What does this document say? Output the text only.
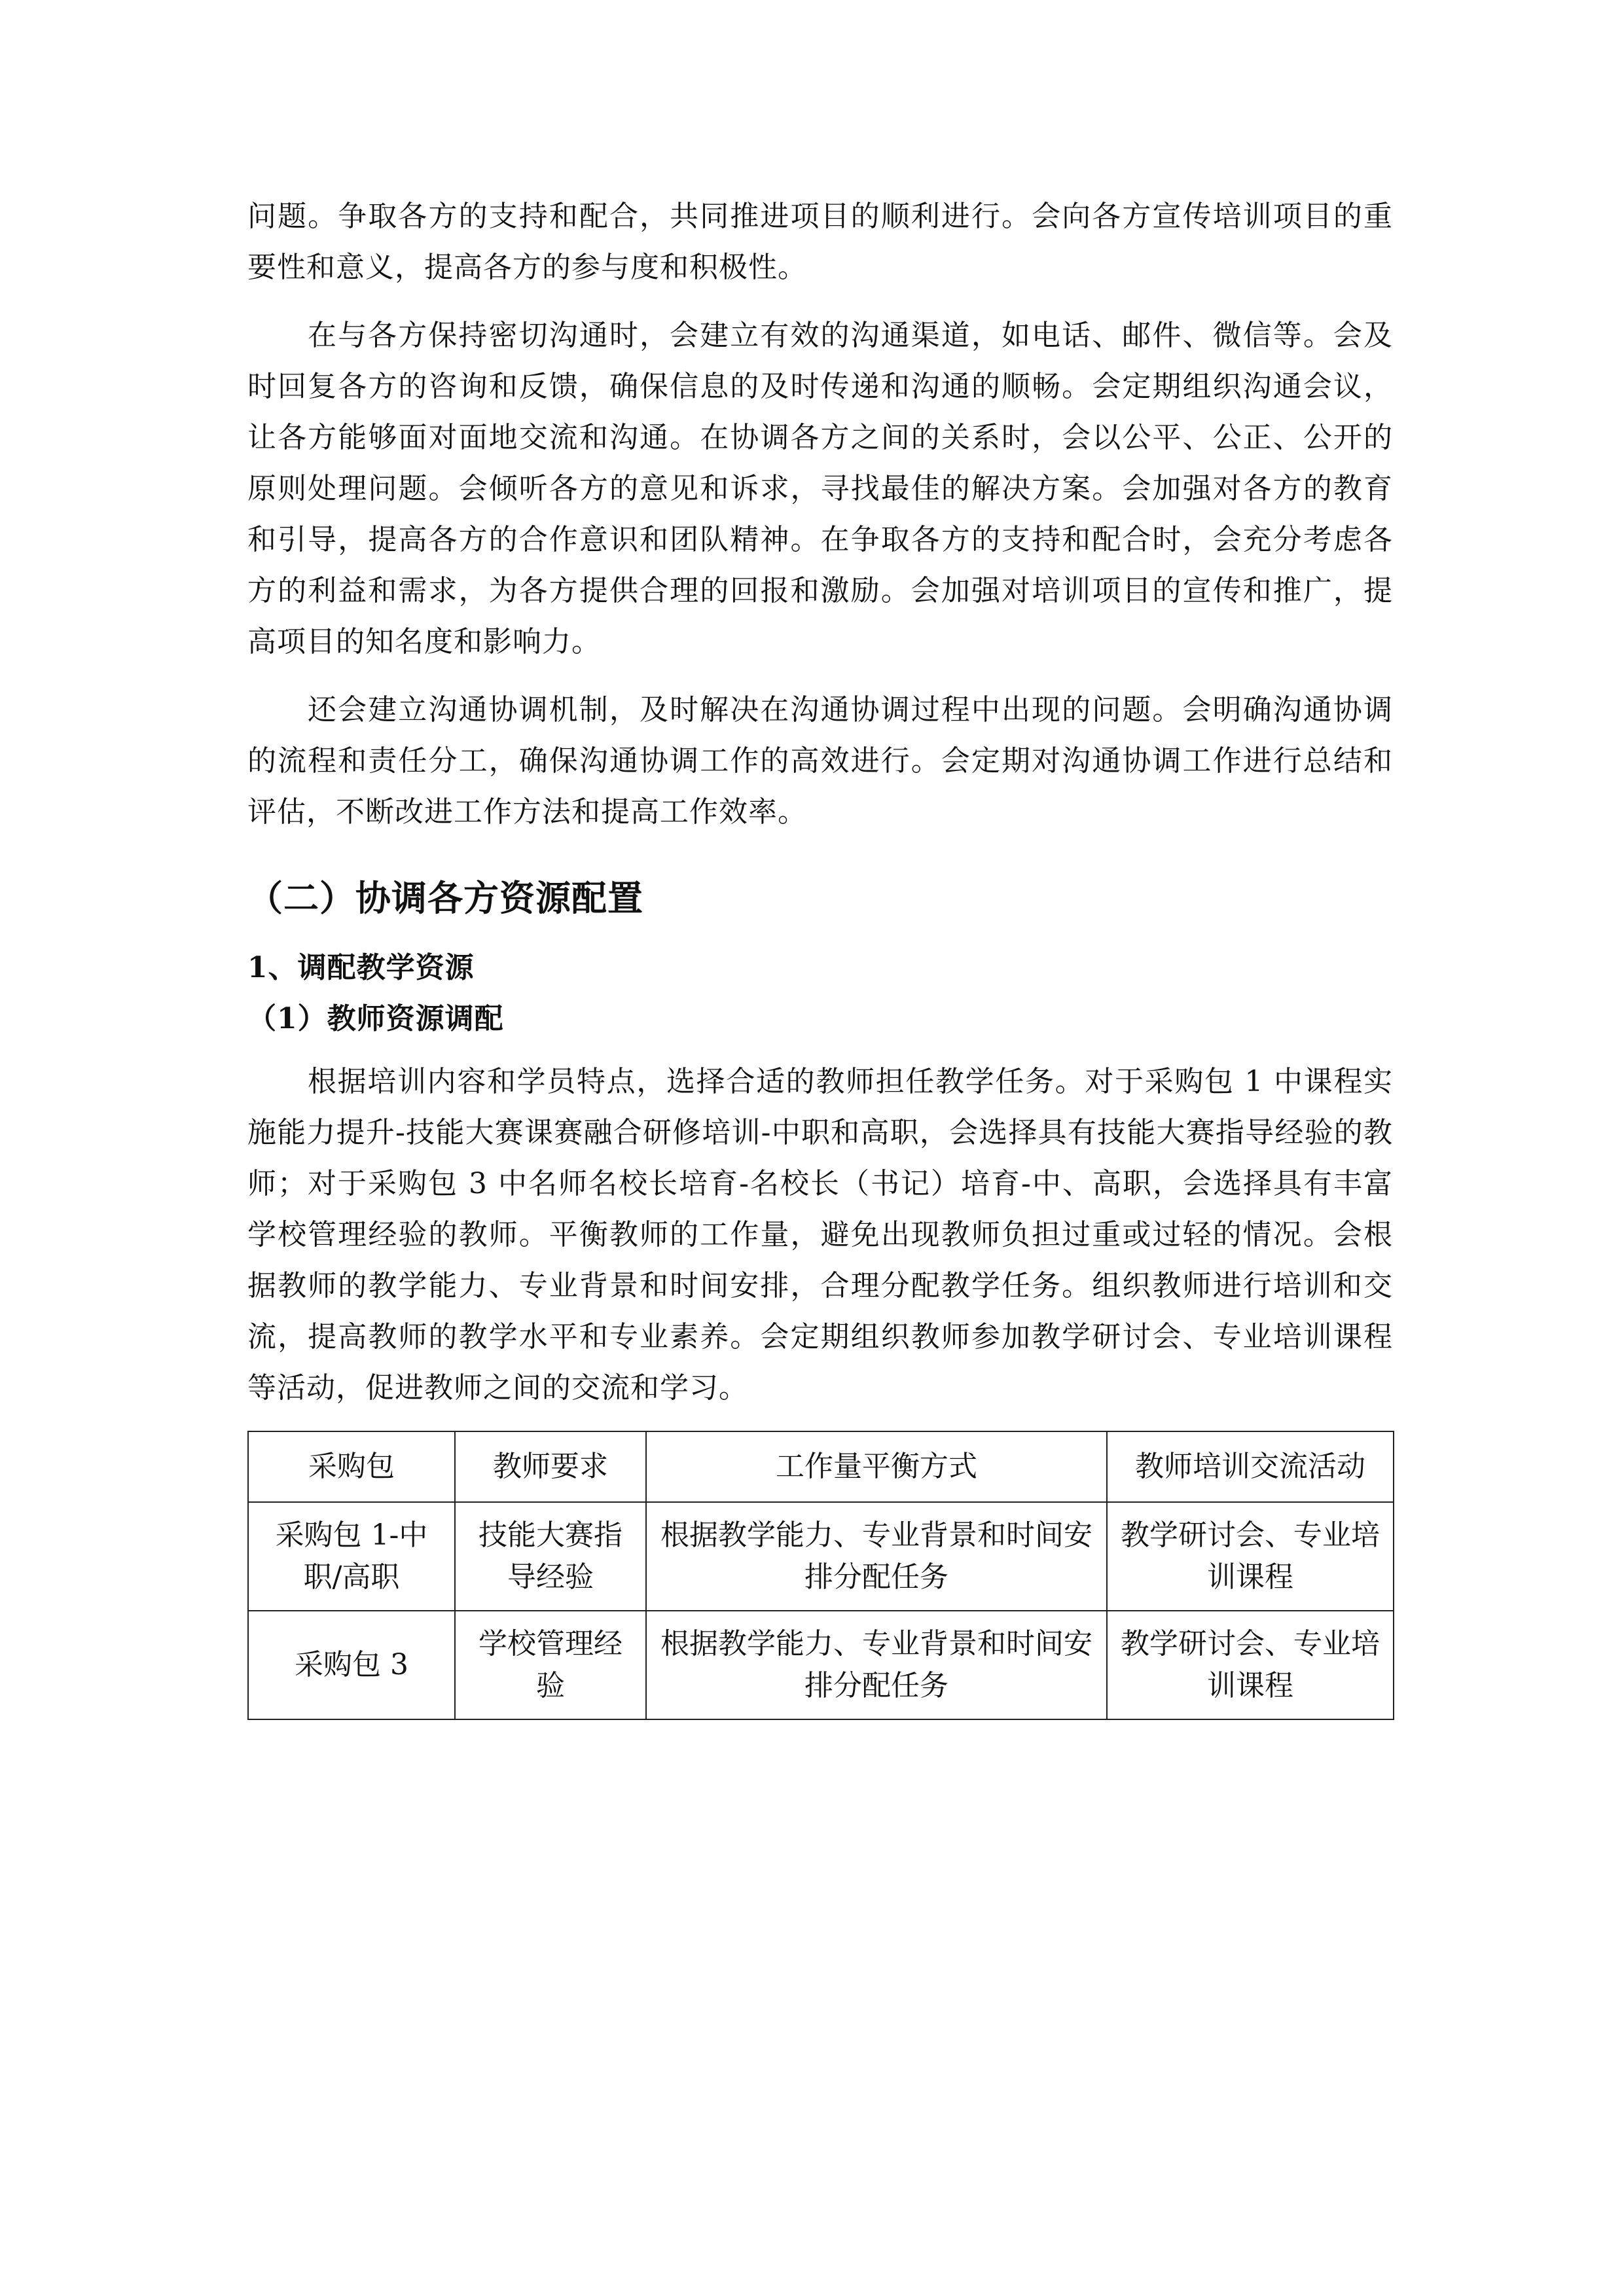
问题。争取各方的支持和配合，共同推进项目的顺利进行。会向各方宣传培训项目的重要性和意义，提高各方的参与度和积极性。

在与各方保持密切沟通时，会建立有效的沟通渠道，如电话、邮件、微信等。会及时回复各方的咨询和反馈，确保信息的及时传递和沟通的顺畅。会定期组织沟通会议，让各方能够面对面地交流和沟通。在协调各方之间的关系时，会以公平、公正、公开的原则处理问题。会倾听各方的意见和诉求，寻找最佳的解决方案。会加强对各方的教育和引导，提高各方的合作意识和团队精神。在争取各方的支持和配合时，会充分考虑各方的利益和需求，为各方提供合理的回报和激励。会加强对培训项目的宣传和推广，提高项目的知名度和影响力。

还会建立沟通协调机制，及时解决在沟通协调过程中出现的问题。会明确沟通协调的流程和责任分工，确保沟通协调工作的高效进行。会定期对沟通协调工作进行总结和评估，不断改进工作方法和提高工作效率。

（二）协调各方资源配置
1、调配教学资源
（1）教师资源调配

根据培训内容和学员特点，选择合适的教师担任教学任务。对于采购包 1 中课程实施能力提升-技能大赛课赛融合研修培训-中职和高职，会选择具有技能大赛指导经验的教师；对于采购包 3 中名师名校长培育-名校长（书记）培育-中、高职，会选择具有丰富学校管理经验的教师。平衡教师的工作量，避免出现教师负担过重或过轻的情况。会根据教师的教学能力、专业背景和时间安排，合理分配教学任务。组织教师进行培训和交流，提高教师的教学水平和专业素养。会定期组织教师参加教学研讨会、专业培训课程等活动，促进教师之间的交流和学习。

采购包	教师要求	工作量平衡方式	教师培训交流活动
采购包 1-中职/高职	技能大赛指导经验	根据教学能力、专业背景和时间安排分配任务	教学研讨会、专业培训课程
采购包 3	学校管理经验	根据教学能力、专业背景和时间安排分配任务	教学研讨会、专业培训课程
